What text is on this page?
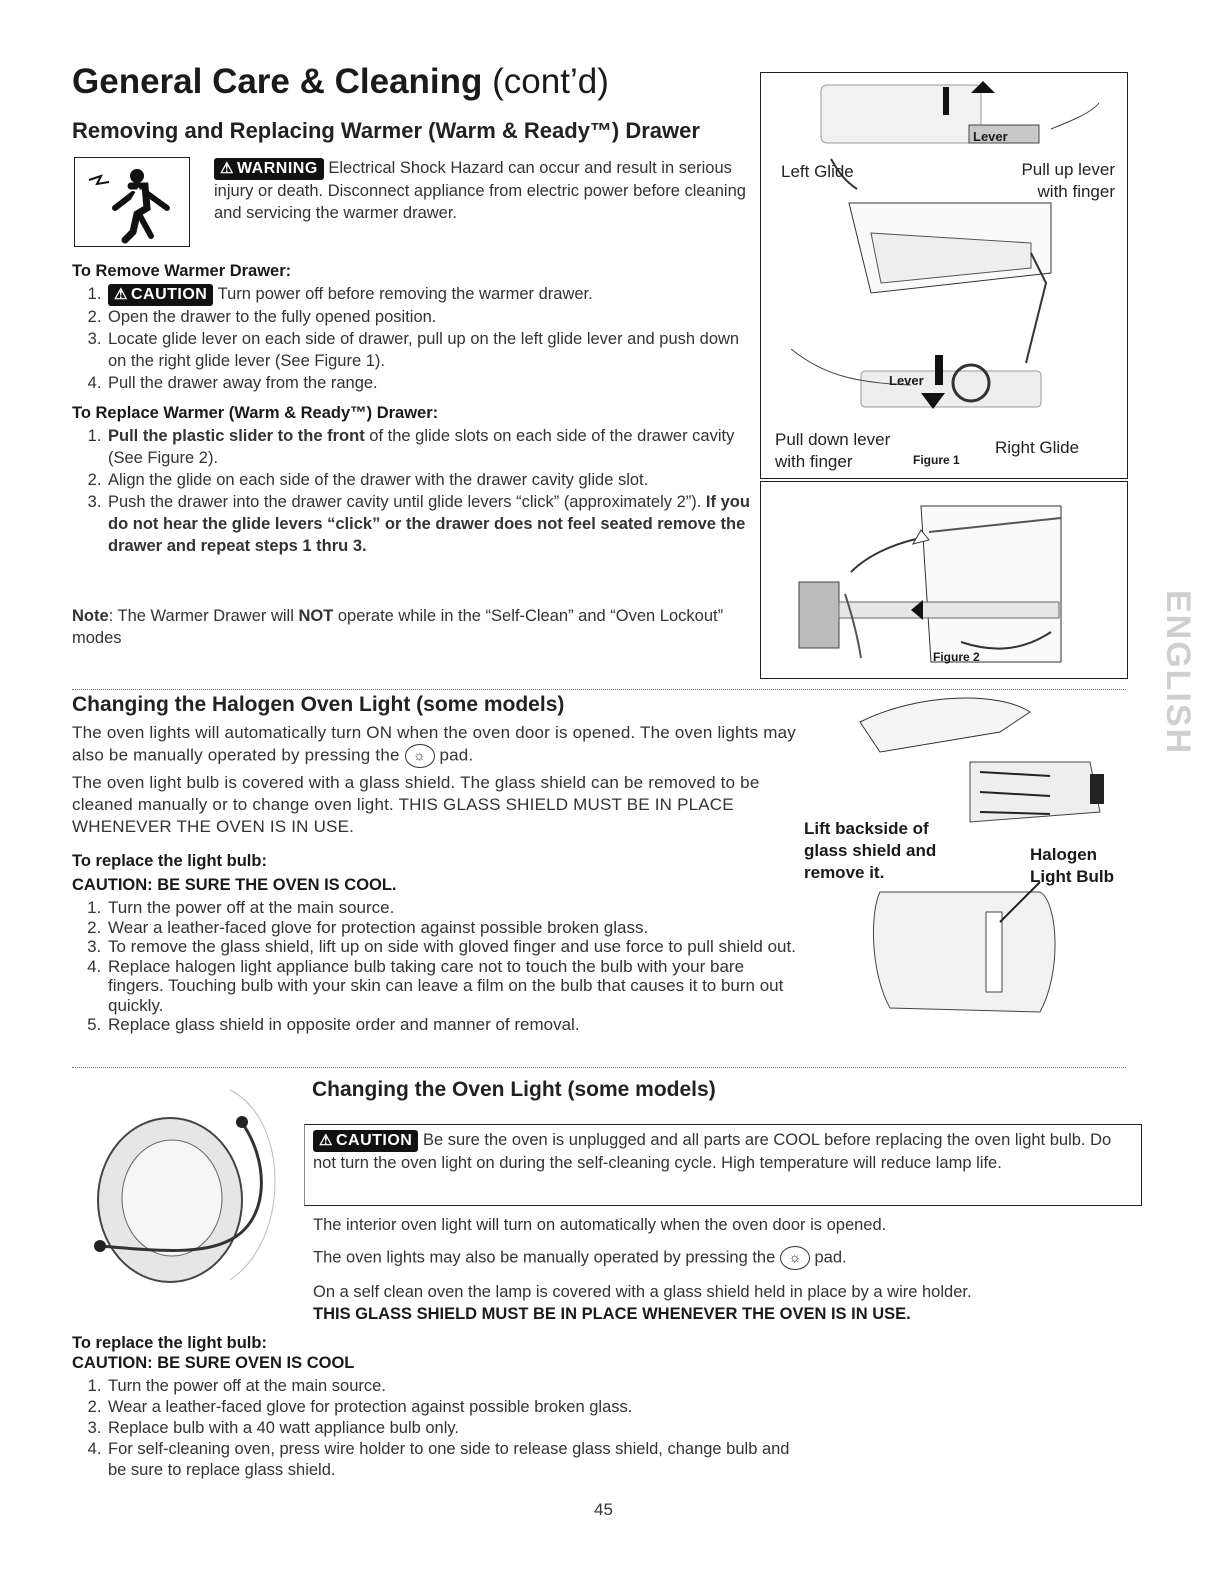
General Care & Cleaning (cont’d)
Removing and Replacing Warmer (Warm & Ready™) Drawer
⚠ WARNING Electrical Shock Hazard can occur and result in serious injury or death. Disconnect appliance from electric power before cleaning and servicing the warmer drawer.
To Remove Warmer Drawer:
1. ⚠ CAUTION Turn power off before removing the warmer drawer.
2. Open the drawer to the fully opened position.
3. Locate glide lever on each side of drawer, pull up on the left glide lever and push down on the right glide lever (See Figure 1).
4. Pull the drawer away from the range.
To Replace Warmer (Warm & Ready™) Drawer:
1. Pull the plastic slider to the front of the glide slots on each side of the drawer cavity (See Figure 2).
2. Align the glide on each side of the drawer with the drawer cavity glide slot.
3. Push the drawer into the drawer cavity until glide levers “click” (approximately 2”). If you do not hear the glide levers “click” or the drawer does not feel seated remove the drawer and repeat steps 1 thru 3.
Note: The Warmer Drawer will NOT operate while in the “Self-Clean” and “Oven Lockout” modes
Lever
Left Glide	Pull up lever
with finger
Lever
Pull down lever
with finger	Figure 1
Right Glide
Figure 2	ENGLISH
Changing the Halogen Oven Light (some models)
The oven lights will automatically turn ON when the oven door is opened. The oven lights may also be manually operated by pressing the ☼ pad.
The oven light bulb is covered with a glass shield. The glass shield can be removed to be cleaned manually or to change oven light. THIS GLASS SHIELD MUST BE IN PLACE WHENEVER THE OVEN IS IN USE.
To replace the light bulb:
CAUTION: BE SURE THE OVEN IS COOL.
1. Turn the power off at the main source.
2. Wear a leather-faced glove for protection against possible broken glass.
3. To remove the glass shield, lift up on side with gloved finger and use force to pull shield out.
4. Replace halogen light appliance bulb taking care not to touch the bulb with your bare fingers. Touching bulb with your skin can leave a film on the bulb that causes it to burn out quickly.
5. Replace glass shield in opposite order and manner of removal.
Lift backside of glass shield and remove it.
Halogen Light Bulb
Changing the Oven Light (some models)
⚠ CAUTION Be sure the oven is unplugged and all parts are COOL before replacing the oven light bulb. Do not turn the oven light on during the self-cleaning cycle. High temperature will reduce lamp life.
The interior oven light will turn on automatically when the oven door is opened.
The oven lights may also be manually operated by pressing the ☼ pad.
On a self clean oven the lamp is covered with a glass shield held in place by a wire holder.
THIS GLASS SHIELD MUST BE IN PLACE WHENEVER THE OVEN IS IN USE.
To replace the light bulb:
CAUTION: BE SURE OVEN IS COOL
1. Turn the power off at the main source.
2. Wear a leather-faced glove for protection against possible broken glass.
3. Replace bulb with a 40 watt appliance bulb only.
4. For self-cleaning oven, press wire holder to one side to release glass shield, change bulb and be sure to replace glass shield.
45
